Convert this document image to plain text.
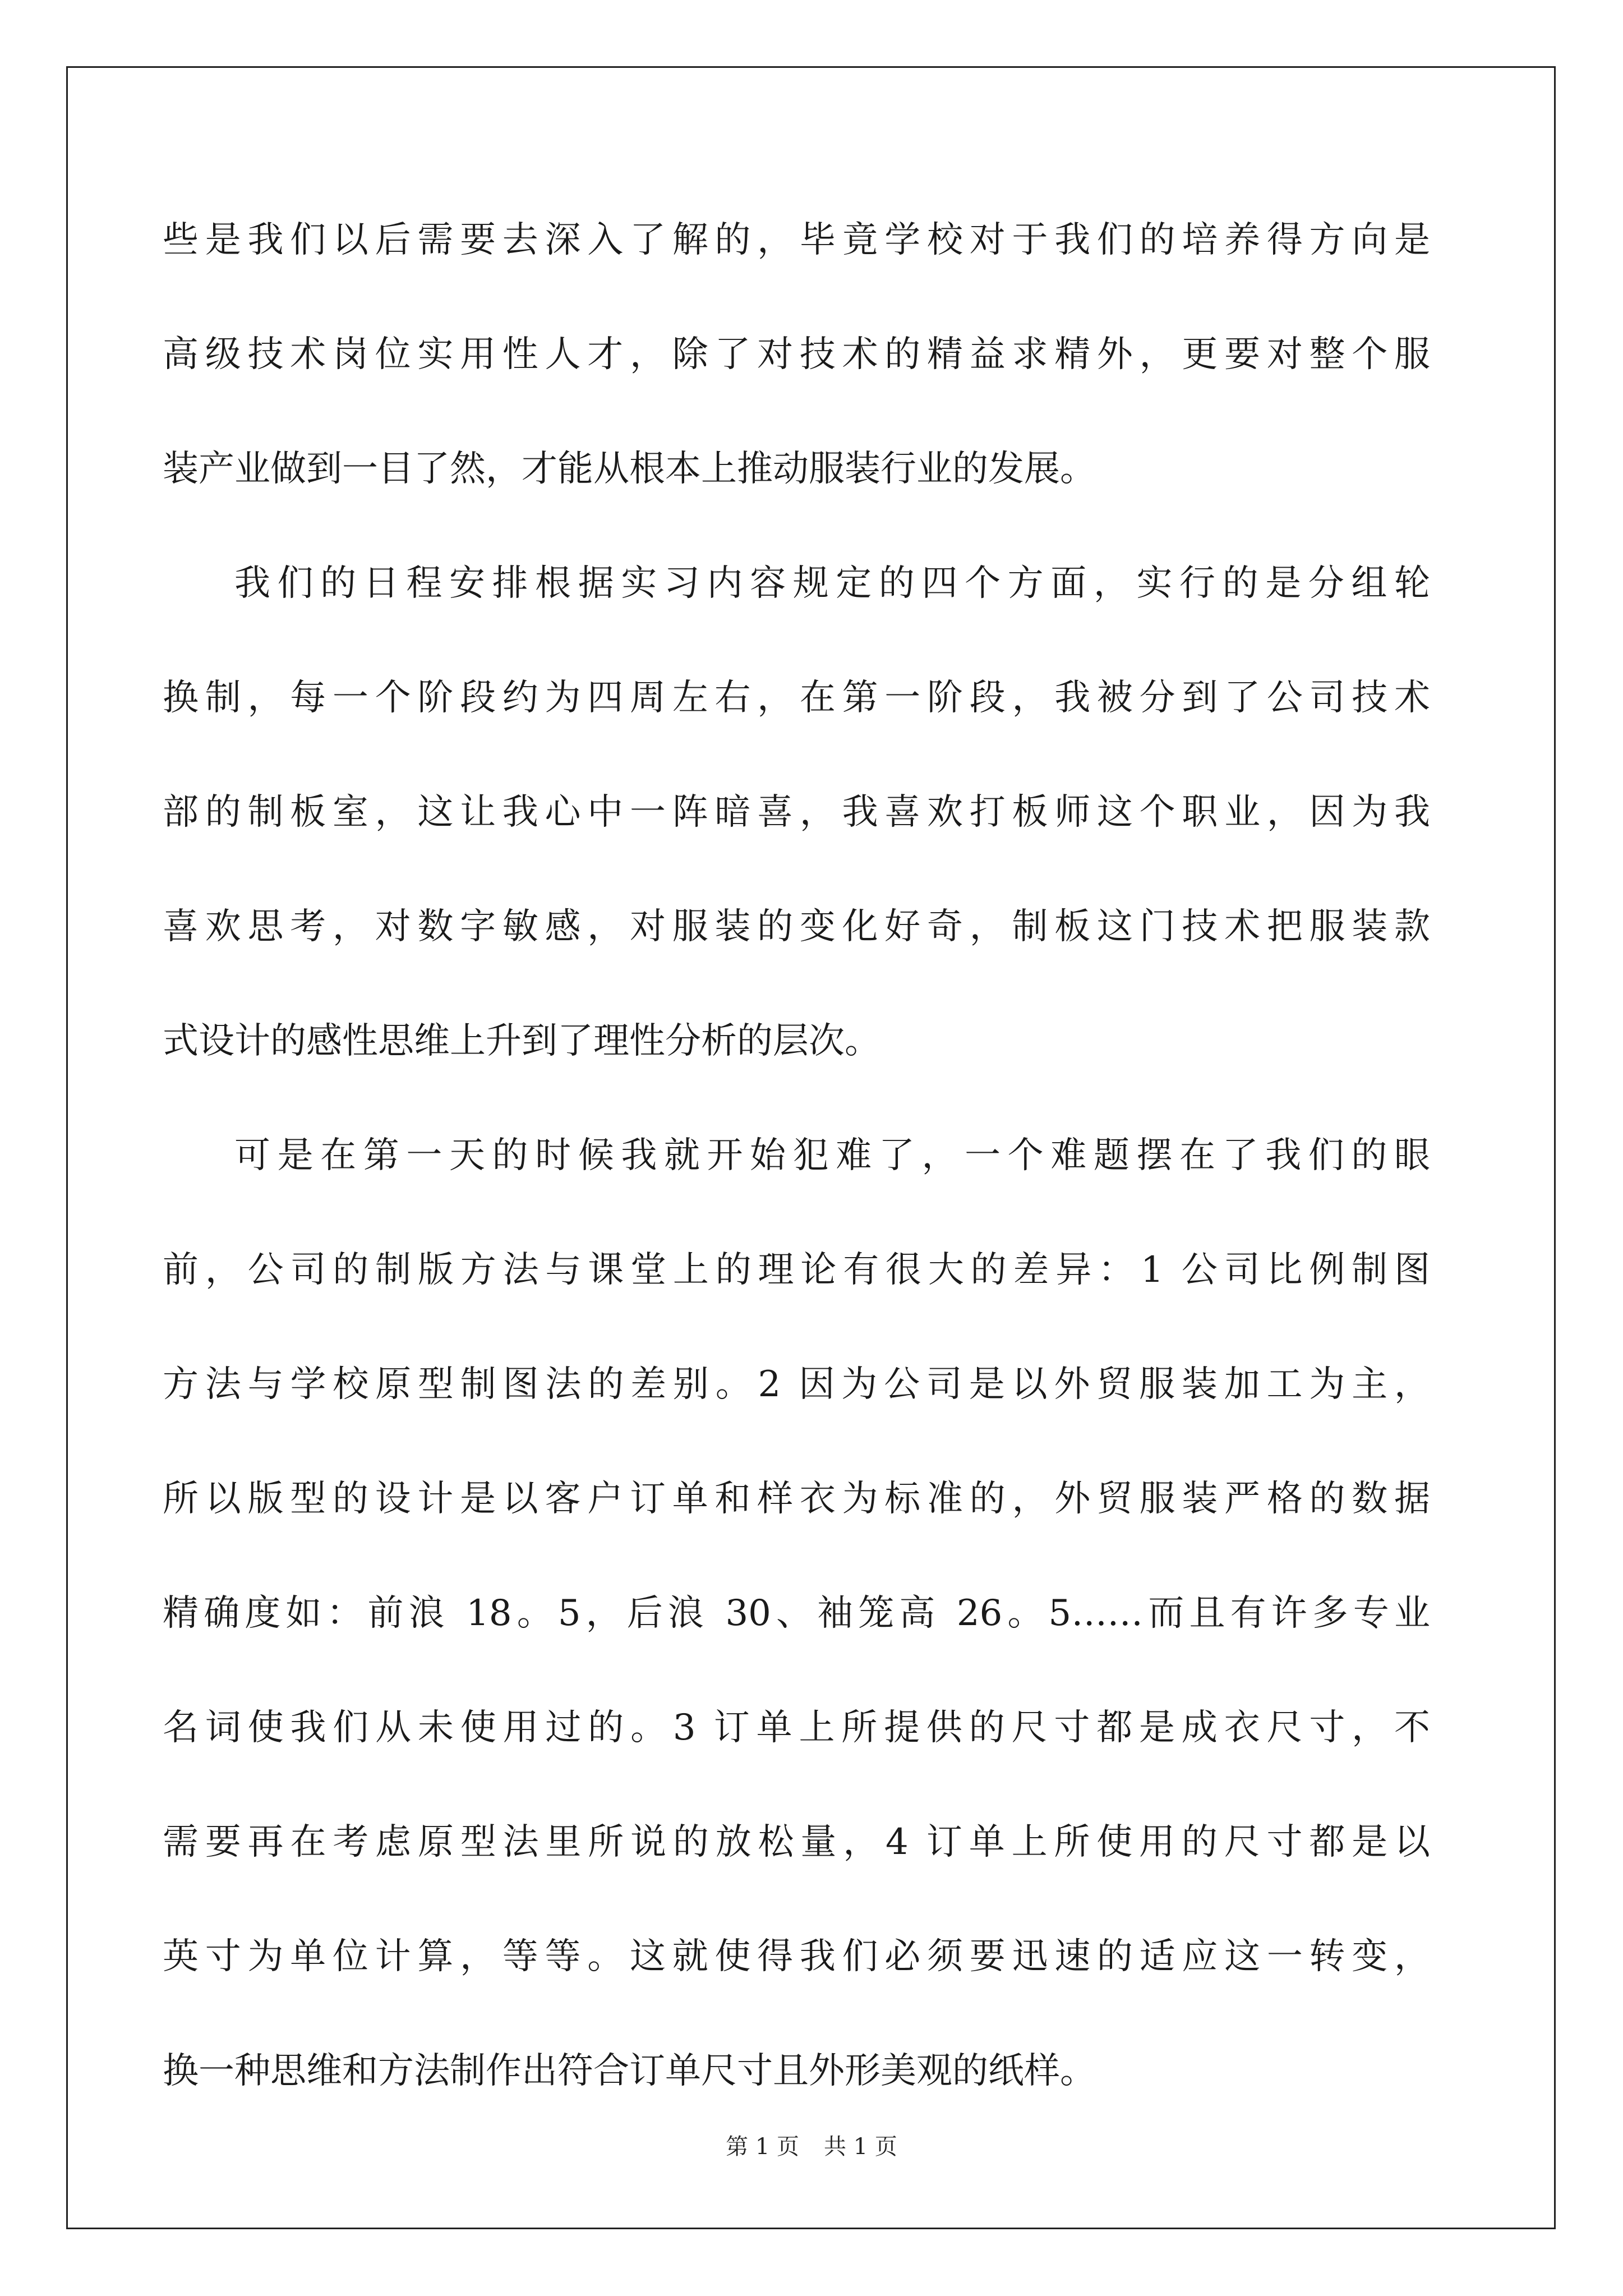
些是我们以后需要去深入了解的，毕竟学校对于我们的培养得方向是
高级技术岗位实用性人才，除了对技术的精益求精外，更要对整个服
装产业做到一目了然，才能从根本上推动服装行业的发展。
我们的日程安排根据实习内容规定的四个方面，实行的是分组轮
换制，每一个阶段约为四周左右，在第一阶段，我被分到了公司技术
部的制板室，这让我心中一阵暗喜，我喜欢打板师这个职业，因为我
喜欢思考，对数字敏感，对服装的变化好奇，制板这门技术把服装款
式设计的感性思维上升到了理性分析的层次。
可是在第一天的时候我就开始犯难了，一个难题摆在了我们的眼
前，公司的制版方法与课堂上的理论有很大的差异：1 公司比例制图
方法与学校原型制图法的差别。2 因为公司是以外贸服装加工为主，
所以版型的设计是以客户订单和样衣为标准的，外贸服装严格的数据
精确度如：前浪 18。5，后浪 30、袖笼高 26。5……而且有许多专业
名词使我们从未使用过的。3 订单上所提供的尺寸都是成衣尺寸，不
需要再在考虑原型法里所说的放松量，4 订单上所使用的尺寸都是以
英寸为单位计算，等等。这就使得我们必须要迅速的适应这一转变，
换一种思维和方法制作出符合订单尺寸且外形美观的纸样。
第 1 页 共 1 页
